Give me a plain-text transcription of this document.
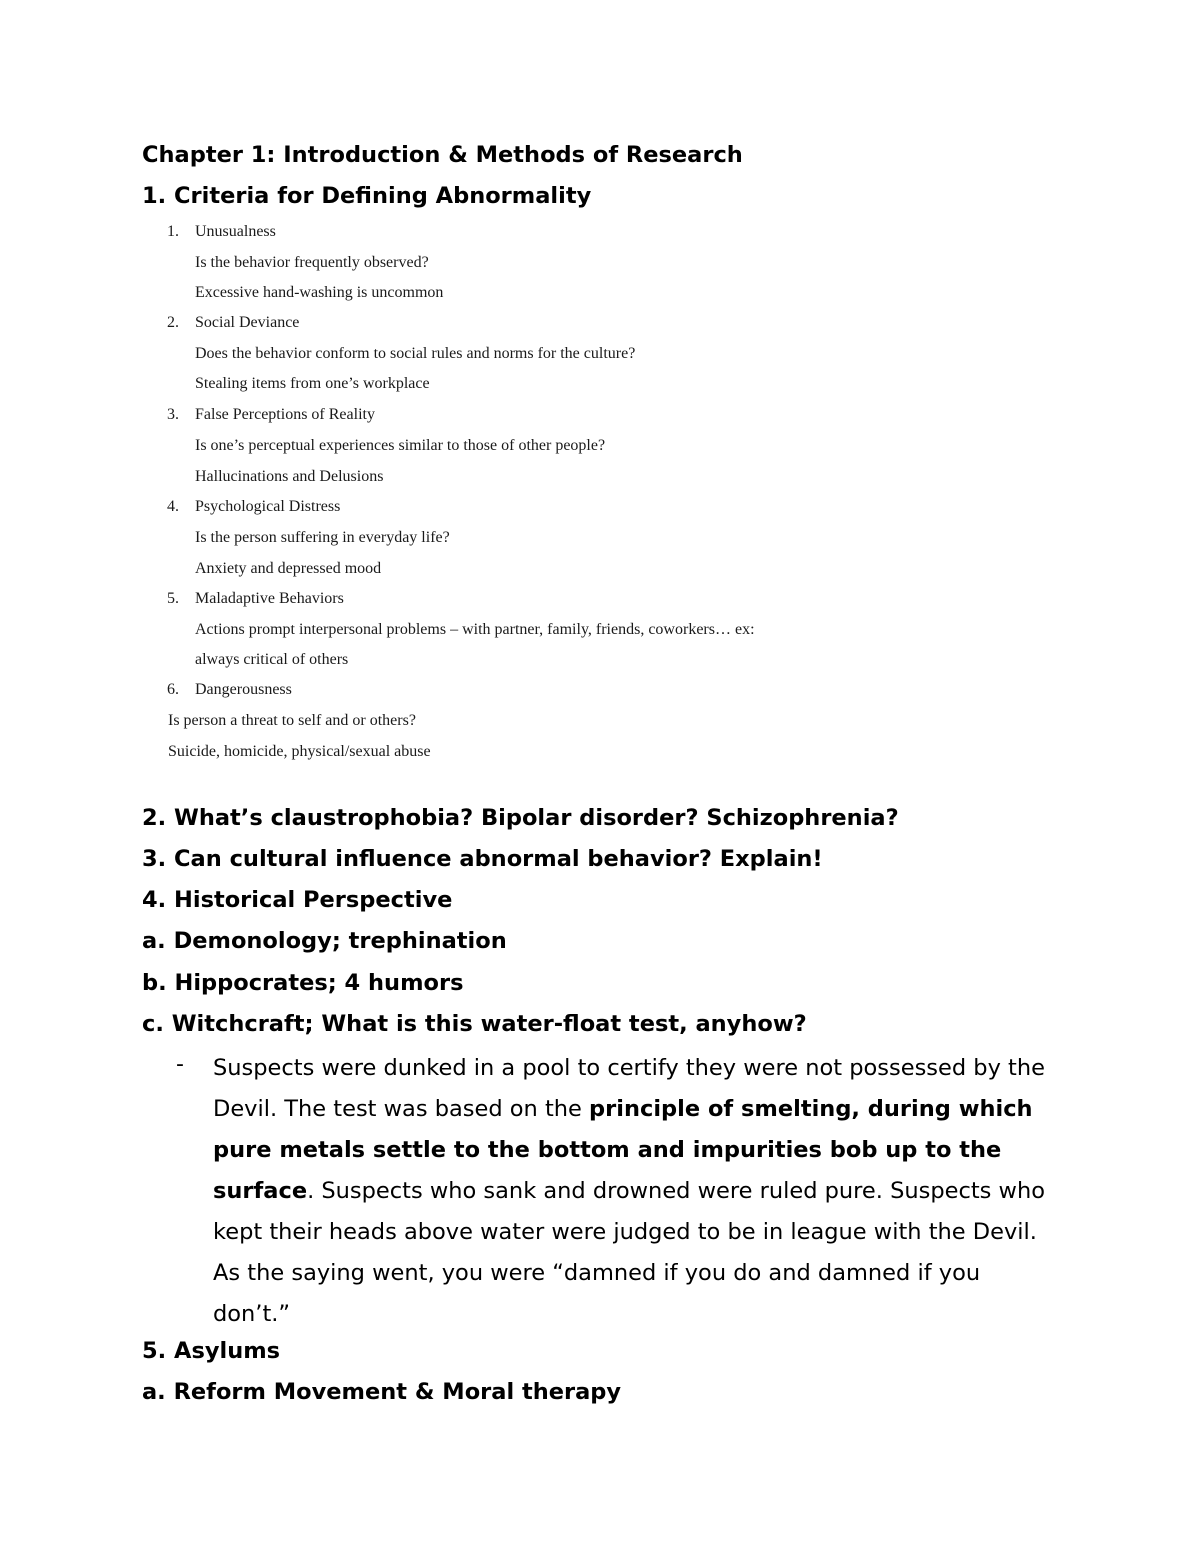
Chapter 1: Introduction & Methods of Research
1. Criteria for Defining Abnormality
1.	Unusualness
Is the behavior frequently observed?
Excessive hand-washing is uncommon
2.	Social Deviance
Does the behavior conform to social rules and norms for the culture?
Stealing items from one’s workplace
3.	False Perceptions of Reality
Is one’s perceptual experiences similar to those of other people?
Hallucinations and Delusions
4.	Psychological Distress
Is the person suffering in everyday life?
Anxiety and depressed mood
5.	Maladaptive Behaviors
Actions prompt interpersonal problems – with partner, family, friends, coworkers… ex:
always critical of others
6.	Dangerousness
Is person a threat to self and or others?
Suicide, homicide, physical/sexual abuse
2. What’s claustrophobia? Bipolar disorder? Schizophrenia?
3. Can cultural influence abnormal behavior? Explain!
4. Historical Perspective
a. Demonology; trephination
b. Hippocrates; 4 humors
c. Witchcraft; What is this water-float test, anyhow?
- Suspects were dunked in a pool to certify they were not possessed by the Devil. The test was based on the principle of smelting, during which pure metals settle to the bottom and impurities bob up to the surface. Suspects who sank and drowned were ruled pure. Suspects who kept their heads above water were judged to be in league with the Devil. As the saying went, you were “damned if you do and damned if you don’t.”

5. Asylums
a. Reform Movement & Moral therapy
